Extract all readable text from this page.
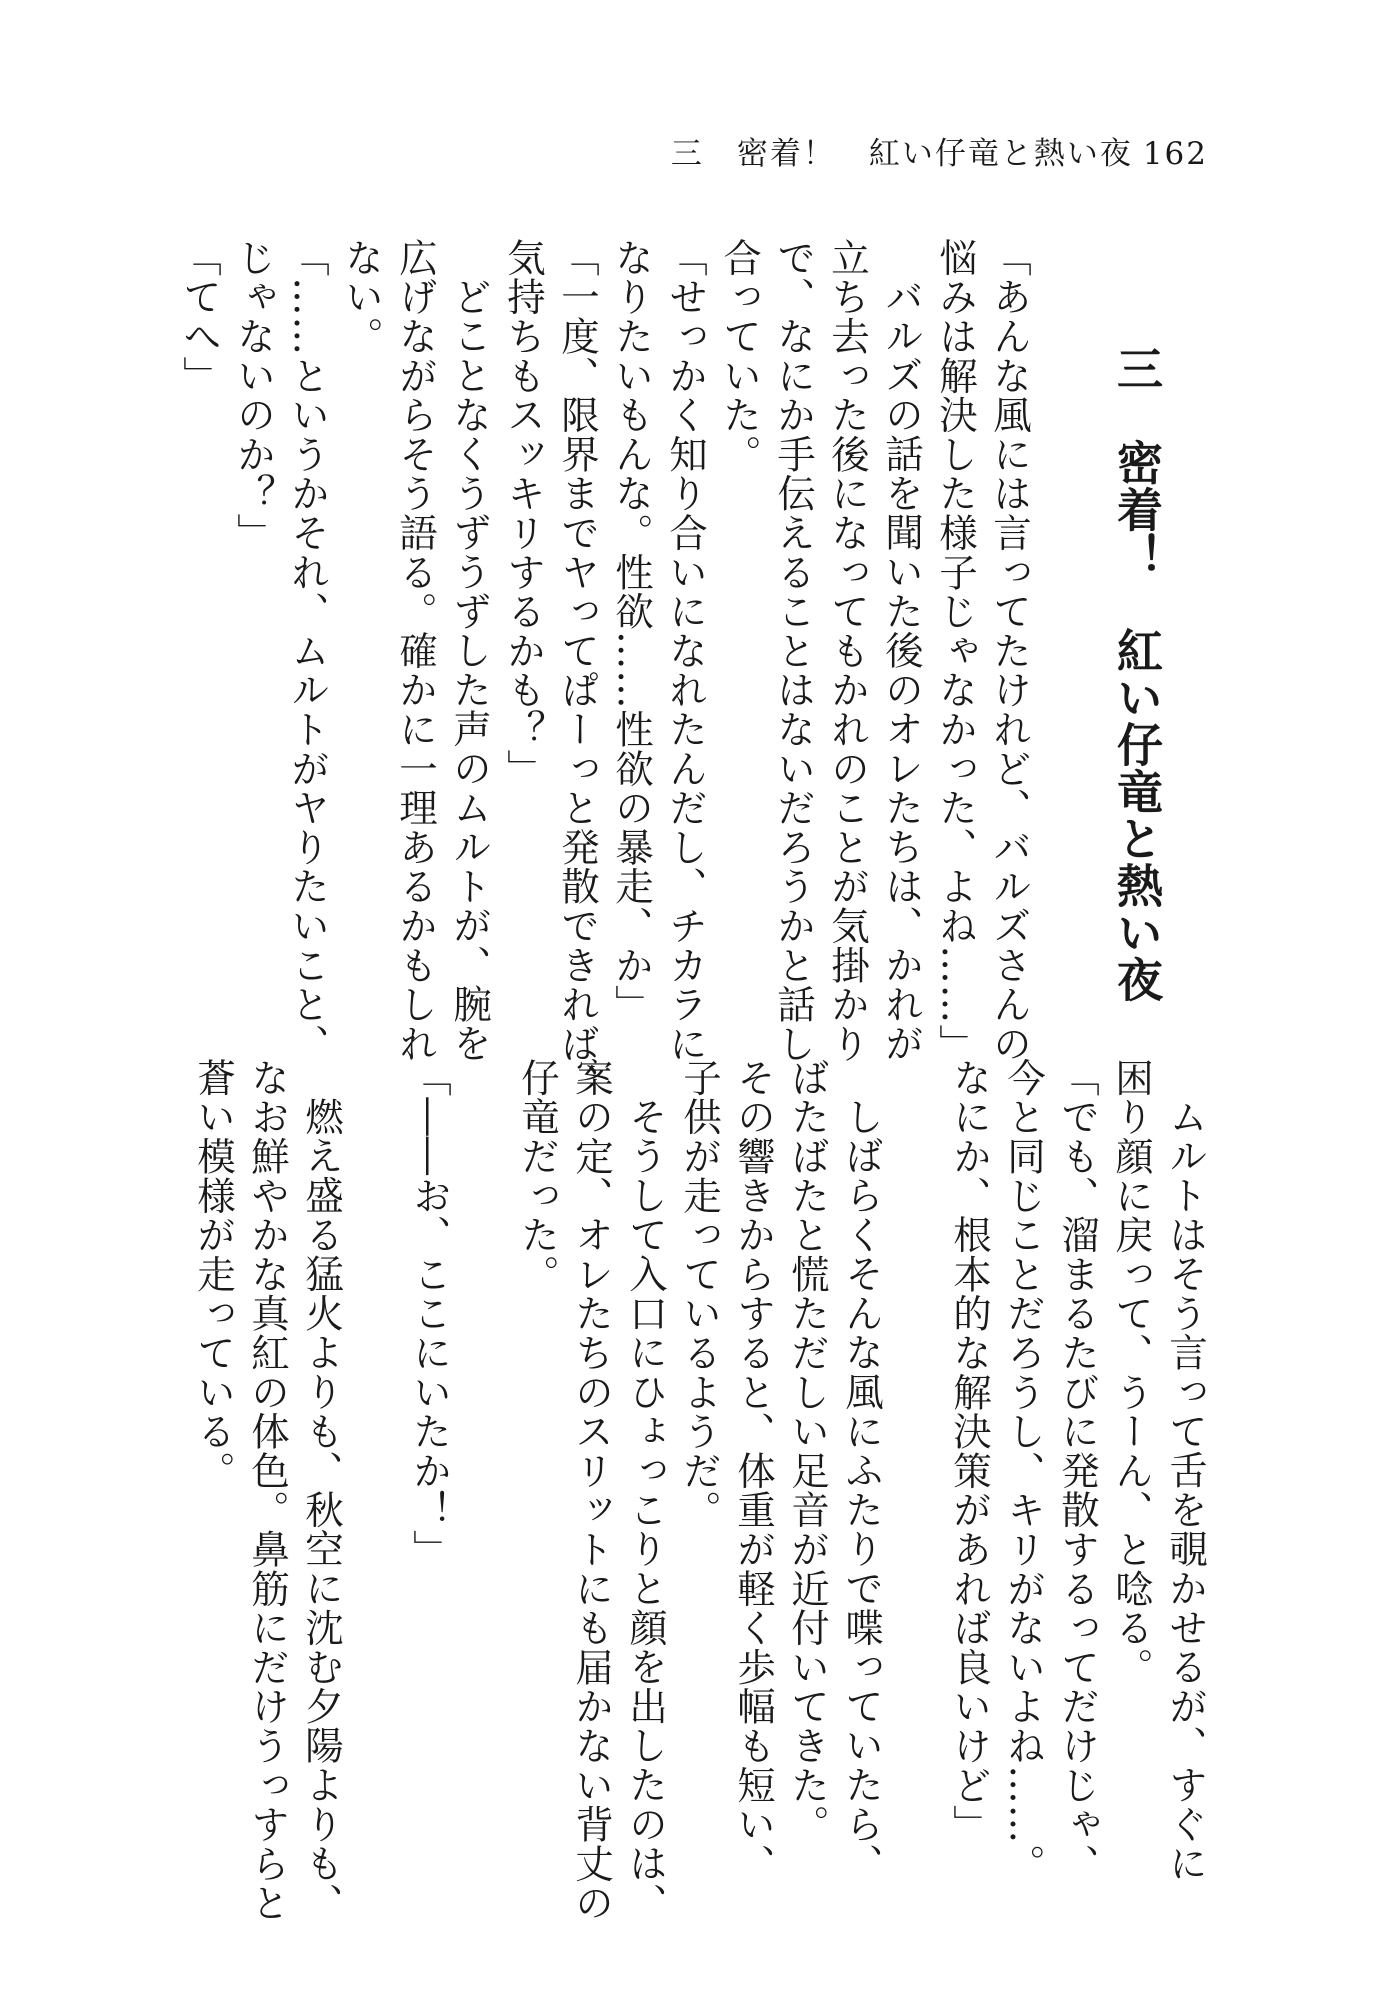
三　密着！　紅い仔竜と熱い夜 162
三　密着！　紅い仔竜と熱い夜
「あんな風には言ってたけれど、バルズさんの
悩みは解決した様子じゃなかった、よね……」
バルズの話を聞いた後のオレたちは、かれが
立ち去った後になってもかれのことが気掛かり
で、なにか手伝えることはないだろうかと話し
合っていた。
「せっかく知り合いになれたんだし、チカラに
なりたいもんな。性欲……性欲の暴走、か」
「一度、限界までヤってぱーっと発散できれば、
気持ちもスッキリするかも？」
どことなくうずうずした声のムルトが、腕を
広げながらそう語る。確かに一理あるかもしれ
ない。
「……というかそれ、ムルトがヤりたいこと、
じゃないのか？」
「てへ」
ムルトはそう言って舌を覗かせるが、すぐに
困り顔に戻って、うーん、と唸る。
「でも、溜まるたびに発散するってだけじゃ、
今と同じことだろうし、キリがないよね……。
なにか、根本的な解決策があれば良いけど」

しばらくそんな風にふたりで喋っていたら、
ばたばたと慌ただしい足音が近付いてきた。
その響きからすると、体重が軽く歩幅も短い、
子供が走っているようだ。
そうして入口にひょっこりと顔を出したのは、
案の定、オレたちのスリットにも届かない背丈の
仔竜だった。

「――お、ここにいたか！」

燃え盛る猛火よりも、秋空に沈む夕陽よりも、
なお鮮やかな真紅の体色。鼻筋にだけうっすらと
蒼い模様が走っている。
